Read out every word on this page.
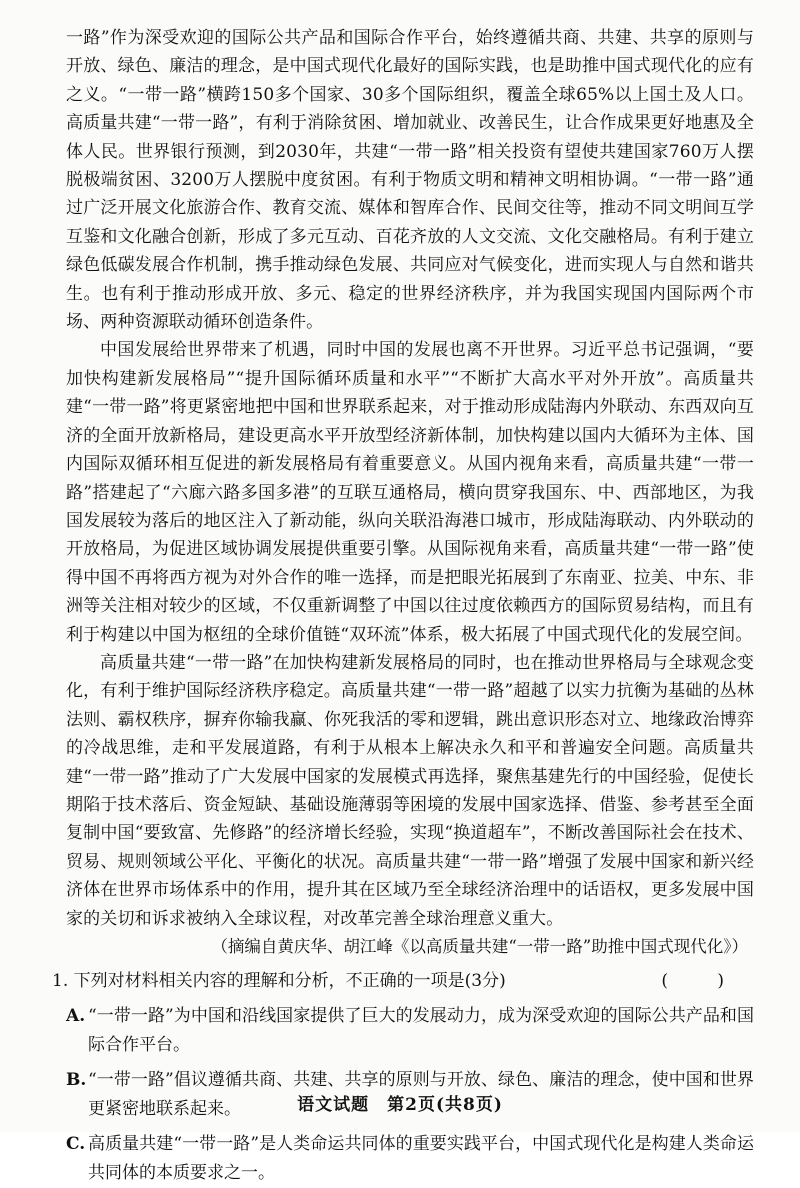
一路”作为深受欢迎的国际公共产品和国际合作平台，始终遵循共商、共建、共享的原则与开放、绿色、廉洁的理念，是中国式现代化最好的国际实践，也是助推中国式现代化的应有之义。“一带一路”横跨150多个国家、30多个国际组织，覆盖全球65%以上国土及人口。高质量共建“一带一路”，有利于消除贫困、增加就业、改善民生，让合作成果更好地惠及全体人民。世界银行预测，到2030年，共建“一带一路”相关投资有望使共建国家760万人摆脱极端贫困、3200万人摆脱中度贫困。有利于物质文明和精神文明相协调。“一带一路”通过广泛开展文化旅游合作、教育交流、媒体和智库合作、民间交往等，推动不同文明间互学互鉴和文化融合创新，形成了多元互动、百花齐放的人文交流、文化交融格局。有利于建立绿色低碳发展合作机制，携手推动绿色发展、共同应对气候变化，进而实现人与自然和谐共生。也有利于推动形成开放、多元、稳定的世界经济秩序，并为我国实现国内国际两个市场、两种资源联动循环创造条件。

中国发展给世界带来了机遇，同时中国的发展也离不开世界。习近平总书记强调，“要加快构建新发展格局”“提升国际循环质量和水平”“不断扩大高水平对外开放”。高质量共建“一带一路”将更紧密地把中国和世界联系起来，对于推动形成陆海内外联动、东西双向互济的全面开放新格局，建设更高水平开放型经济新体制，加快构建以国内大循环为主体、国内国际双循环相互促进的新发展格局有着重要意义。从国内视角来看，高质量共建“一带一路”搭建起了“六廊六路多国多港”的互联互通格局，横向贯穿我国东、中、西部地区，为我国发展较为落后的地区注入了新动能，纵向关联沿海港口城市，形成陆海联动、内外联动的开放格局，为促进区域协调发展提供重要引擎。从国际视角来看，高质量共建“一带一路”使得中国不再将西方视为对外合作的唯一选择，而是把眼光拓展到了东南亚、拉美、中东、非洲等关注相对较少的区域，不仅重新调整了中国以往过度依赖西方的国际贸易结构，而且有利于构建以中国为枢纽的全球价值链“双环流”体系，极大拓展了中国式现代化的发展空间。

高质量共建“一带一路”在加快构建新发展格局的同时，也在推动世界格局与全球观念变化，有利于维护国际经济秩序稳定。高质量共建“一带一路”超越了以实力抗衡为基础的丛林法则、霸权秩序，摒弃你输我赢、你死我活的零和逻辑，跳出意识形态对立、地缘政治博弈的冷战思维，走和平发展道路，有利于从根本上解决永久和平和普遍安全问题。高质量共建“一带一路”推动了广大发展中国家的发展模式再选择，聚焦基建先行的中国经验，促使长期陷于技术落后、资金短缺、基础设施薄弱等困境的发展中国家选择、借鉴、参考甚至全面复制中国“要致富、先修路”的经济增长经验，实现“换道超车”，不断改善国际社会在技术、贸易、规则领域公平化、平衡化的状况。高质量共建“一带一路”增强了发展中国家和新兴经济体在世界市场体系中的作用，提升其在区域乃至全球经济治理中的话语权，更多发展中国家的关切和诉求被纳入全球议程，对改革完善全球治理意义重大。

（摘编自黄庆华、胡江峰《以高质量共建“一带一路”助推中国式现代化》）
1. 下列对材料相关内容的理解和分析，不正确的一项是(3分)	( )
A. “一带一路”为中国和沿线国家提供了巨大的发展动力，成为深受欢迎的国际公共产品和国际合作平台。
B. “一带一路”倡议遵循共商、共建、共享的原则与开放、绿色、廉洁的理念，使中国和世界更紧密地联系起来。
C. 高质量共建“一带一路”是人类命运共同体的重要实践平台，中国式现代化是构建人类命运共同体的本质要求之一。
语文试题　第2页(共8页)
